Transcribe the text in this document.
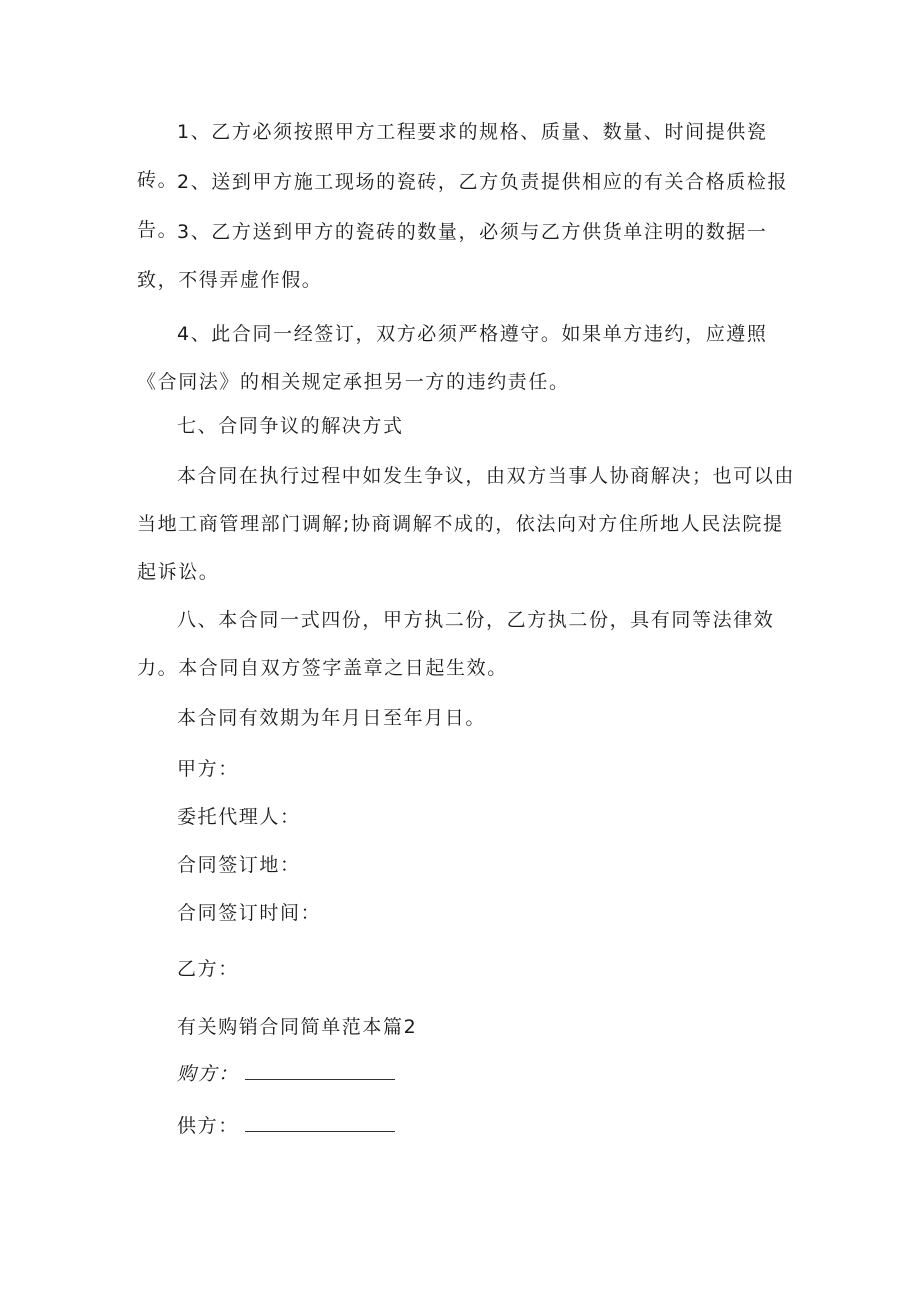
1、乙方必须按照甲方工程要求的规格、质量、数量、时间提供瓷砖。

2、送到甲方施工现场的瓷砖，乙方负责提供相应的有关合格质检报告。

3、乙方送到甲方的瓷砖的数量，必须与乙方供货单注明的数据一致，不得弄虚作假。

4、此合同一经签订，双方必须严格遵守。如果单方违约，应遵照《合同法》的相关规定承担另一方的违约责任。

七、合同争议的解决方式

本合同在执行过程中如发生争议，由双方当事人协商解决；也可以由当地工商管理部门调解;协商调解不成的，依法向对方住所地人民法院提起诉讼。

八、本合同一式四份，甲方执二份，乙方执二份，具有同等法律效力。本合同自双方签字盖章之日起生效。

本合同有效期为年月日至年月日。

甲方：

委托代理人：

合同签订地：

合同签订时间：

乙方：

有关购销合同简单范本篇2

购方：

供方：
